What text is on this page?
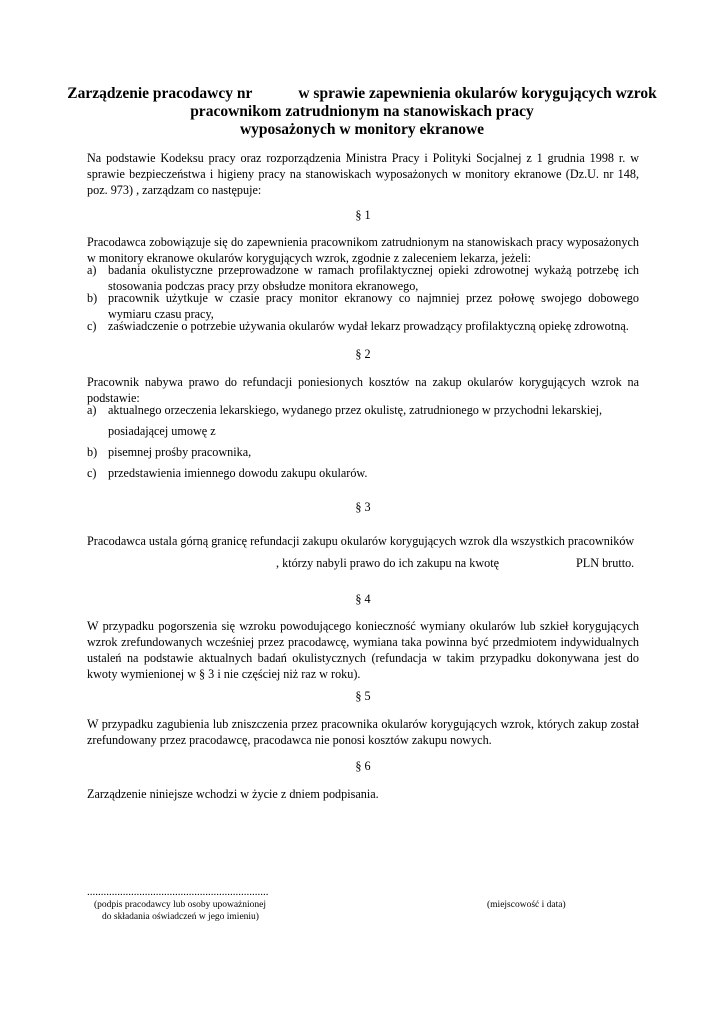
Zarządzenie pracodawcy nr	w sprawie zapewnienia okularów korygujących wzrok
pracownikom zatrudnionym na stanowiskach pracy
wyposażonych w monitory ekranowe
Na podstawie Kodeksu pracy oraz rozporządzenia Ministra Pracy i Polityki Socjalnej z 1 grudnia 1998 r. w sprawie bezpieczeństwa i higieny pracy na stanowiskach wyposażonych w monitory ekranowe (Dz.U. nr 148, poz. 973) , zarządzam co następuje:
§ 1
Pracodawca zobowiązuje się do zapewnienia pracownikom zatrudnionym na stanowiskach pracy wyposażonych w monitory ekranowe okularów korygujących wzrok, zgodnie z zaleceniem lekarza, jeżeli:
a) badania okulistyczne przeprowadzone w ramach profilaktycznej opieki zdrowotnej wykażą potrzebę ich stosowania podczas pracy przy obsłudze monitora ekranowego,
b) pracownik użytkuje w czasie pracy monitor ekranowy co najmniej przez połowę swojego dobowego wymiaru czasu pracy,
c) zaświadczenie o potrzebie używania okularów wydał lekarz prowadzący profilaktyczną opiekę zdrowotną.
§ 2
Pracownik nabywa prawo do refundacji poniesionych kosztów na zakup okularów korygujących wzrok na podstawie:
a) aktualnego orzeczenia lekarskiego, wydanego przez okulistę, zatrudnionego w przychodni lekarskiej,
posiadającej umowę z
b) pisemnej prośby pracownika,
c) przedstawienia imiennego dowodu zakupu okularów.
§ 3
Pracodawca ustala górną granicę refundacji zakupu okularów korygujących wzrok dla wszystkich pracowników
, którzy nabyli prawo do ich zakupu na kwotę	PLN brutto.
§ 4
W przypadku pogorszenia się wzroku powodującego konieczność wymiany okularów lub szkieł korygujących wzrok zrefundowanych wcześniej przez pracodawcę, wymiana taka powinna być przedmiotem indywidualnych ustaleń na podstawie aktualnych badań okulistycznych (refundacja w takim przypadku dokonywana jest do kwoty wymienionej w § 3 i nie częściej niż raz w roku).
§ 5
W przypadku zagubienia lub zniszczenia przez pracownika okularów korygujących wzrok, których zakup został zrefundowany przez pracodawcę, pracodawca nie ponosi kosztów zakupu nowych.
§ 6
Zarządzenie niniejsze wchodzi w życie z dniem podpisania.
..................................................................
(podpis pracodawcy lub osoby upoważnionej
do składania oświadczeń w jego imieniu)
(miejscowość i data)
